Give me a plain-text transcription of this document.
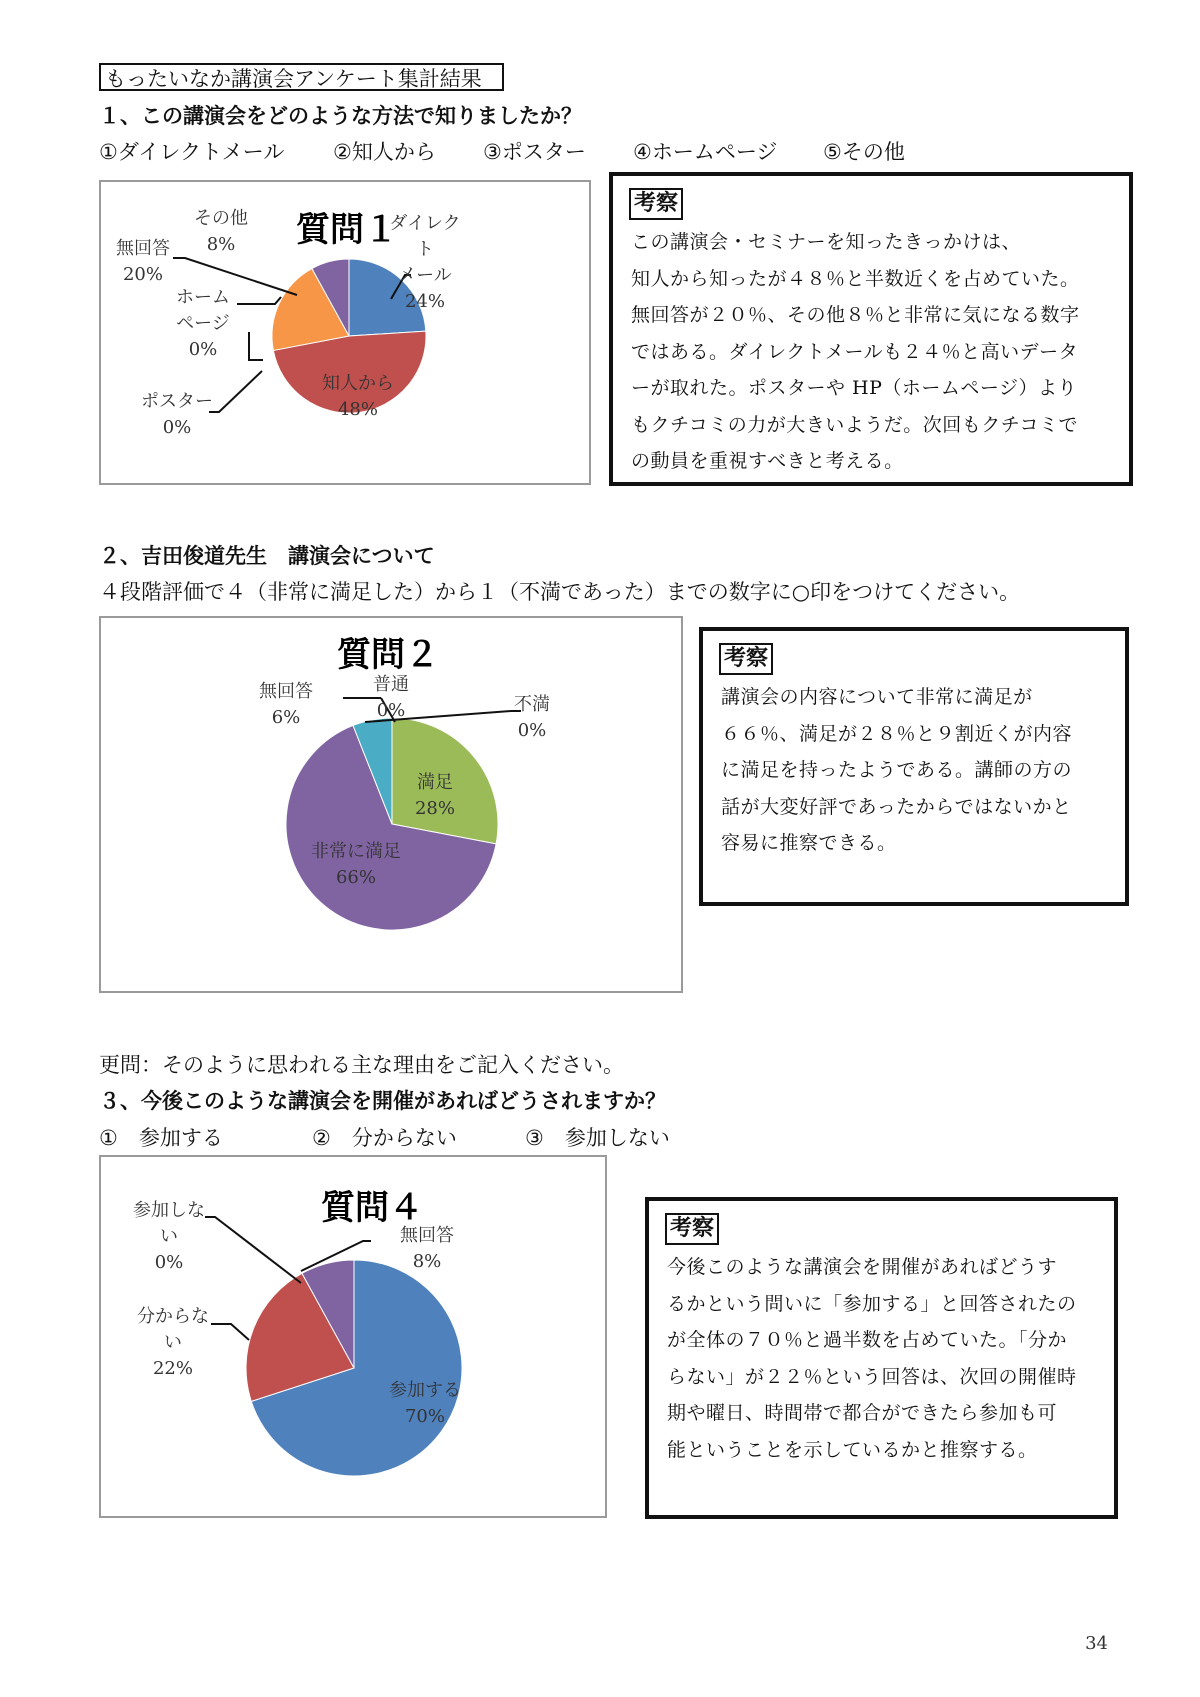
もったいなか講演会アンケート集計結果
１、この講演会をどのような方法で知りましたか？
①ダイレクトメール ②知人から ③ポスター ④ホームページ ⑤その他
質問１
ダイレク
ト
メール
24%
その他
8%
無回答
20%
ホーム
ページ
0%
ポスター
0%
知人から
48%
考察
この講演会・セミナーを知ったきっかけは、
知人から知ったが４８％と半数近くを占めていた。
無回答が２０％、その他８％と非常に気になる数字
ではある。ダイレクトメールも２４％と高いデータ
ーが取れた。ポスターや HP（ホームページ）より
もクチコミの力が大きいようだ。次回もクチコミで
の動員を重視すべきと考える。
２、吉田俊道先生　講演会について
４段階評価で４（非常に満足した）から１（不満であった）までの数字に○印をつけてください。
質問２
無回答
6%
普通
0%	不満
0%
満足
28%
非常に満足
66%
考察
講演会の内容について非常に満足が
６６％、満足が２８％と９割近くが内容
に満足を持ったようである。講師の方の
話が大変好評であったからではないかと
容易に推察できる。
更問：そのように思われる主な理由をご記入ください。
３、今後このような講演会を開催があればどうされますか？
①　参加する	②　分からない	③　参加しない
質問４
参加しな
い
0%
無回答
8%
分からな
い
22%
参加する
70%
考察
今後このような講演会を開催があればどうす
るかという問いに「参加する」と回答されたの
が全体の７０％と過半数を占めていた。「分か
らない」が２２％という回答は、次回の開催時
期や曜日、時間帯で都合ができたら参加も可
能ということを示しているかと推察する。
34
